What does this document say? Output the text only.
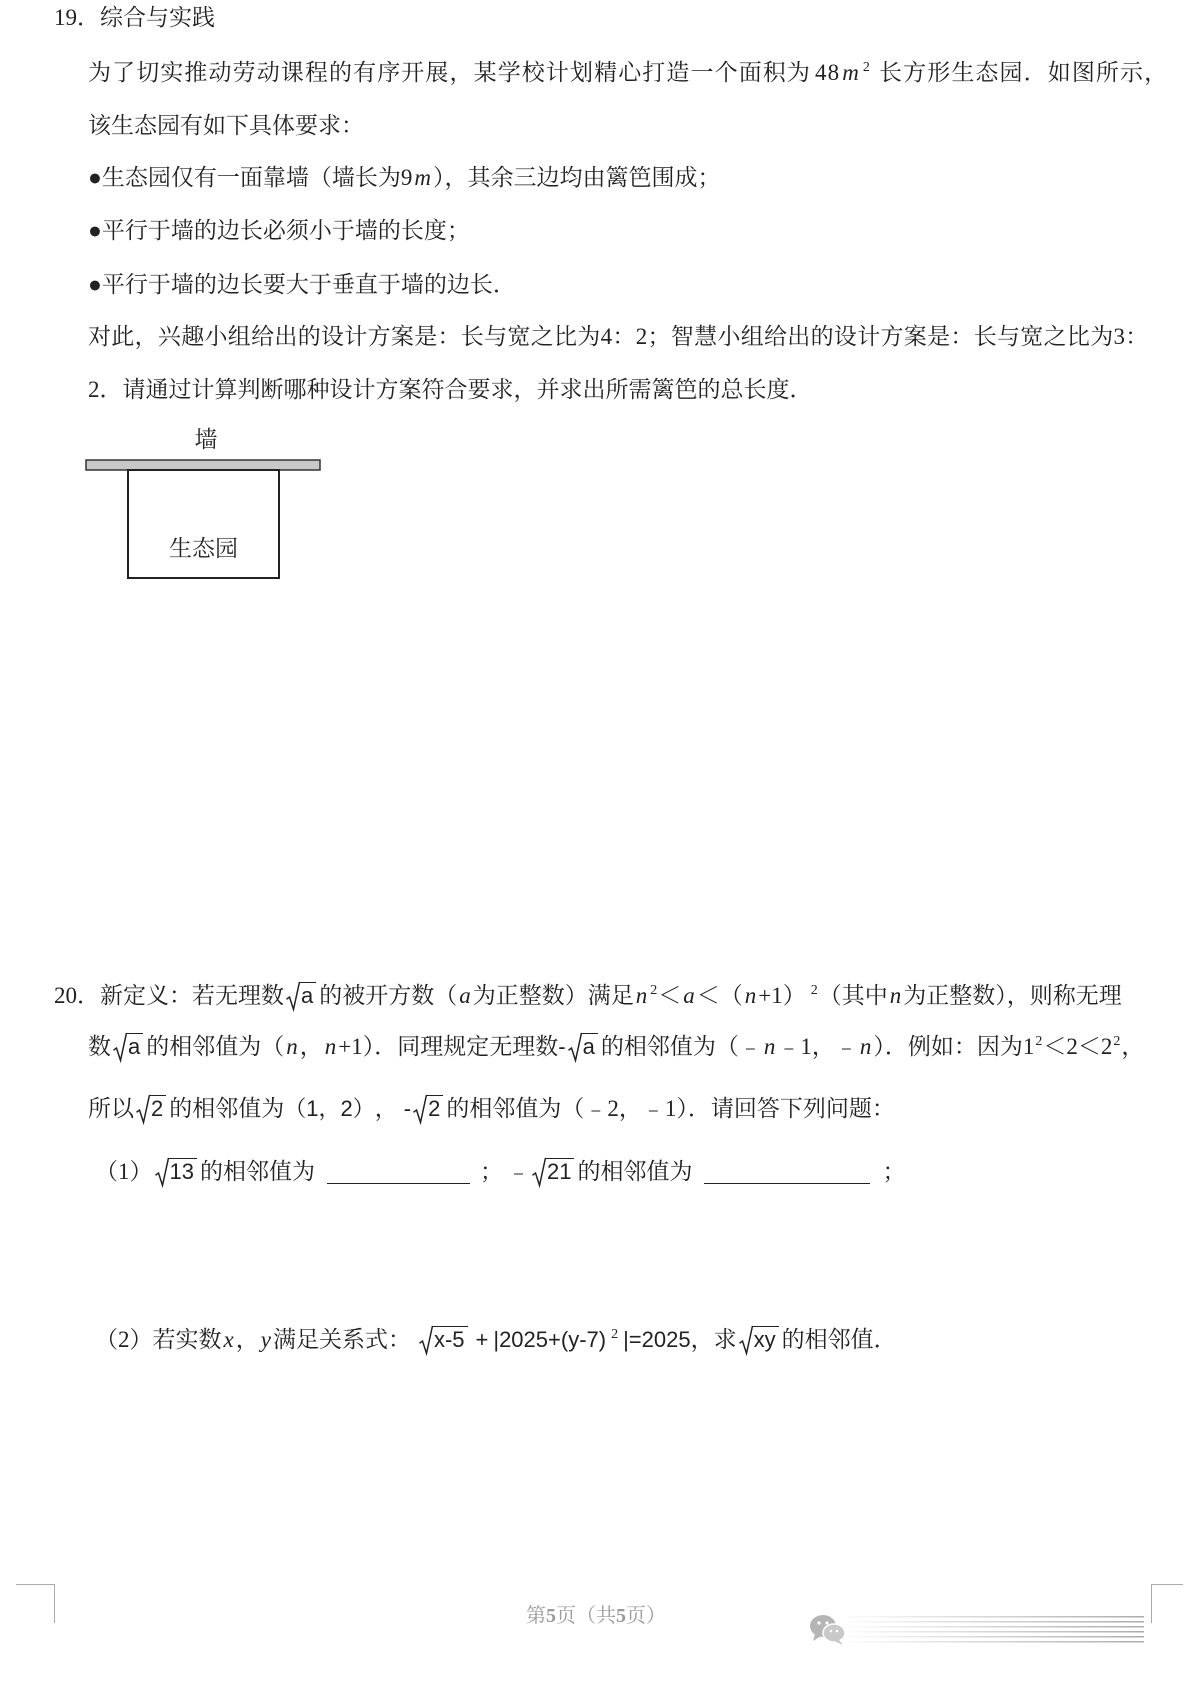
19．综合与实践
为了切实推动劳动课程的有序开展，某学校计划精心打造一个面积为 48 m 2 长方形生态园．如图所示，
该生态园有如下具体要求：
●生态园仅有一面靠墙（墙长为9 m ），其余三边均由篱笆围成；
●平行于墙的边长必须小于墙的长度；
●平行于墙的边长要大于垂直于墙的边长．
对此，兴趣小组给出的设计方案是：长与宽之比为4：2；智慧小组给出的设计方案是：长与宽之比为3：
2．请通过计算判断哪种设计方案符合要求，并求出所需篱笆的总长度．
墙
生态园
20．新定义：若无理数 a 的被开方数（ a 为正整数）满足 n 2 ＜ a ＜（ n +1） 2 （其中 n 为正整数），则称无理
数 a 的相邻值为（ n ， n +1）．同理规定无理数 - a 的相邻值为（﹣ n ﹣1，﹣ n ）．例如：因为1 2 ＜2＜2 2 ，
所以 2 的相邻值为 （1，2） ， - 2 的相邻值为（﹣2，﹣1）．请回答下列问题：
（1） 13 的相邻值为	； ﹣ 21 的相邻值为	；
（2）若实数 x ， y 满足关系式：	x-5 + |2025+(y-7) 2 |=2025 ，求 xy 的相邻值．
第 5 页（共 5 页）
